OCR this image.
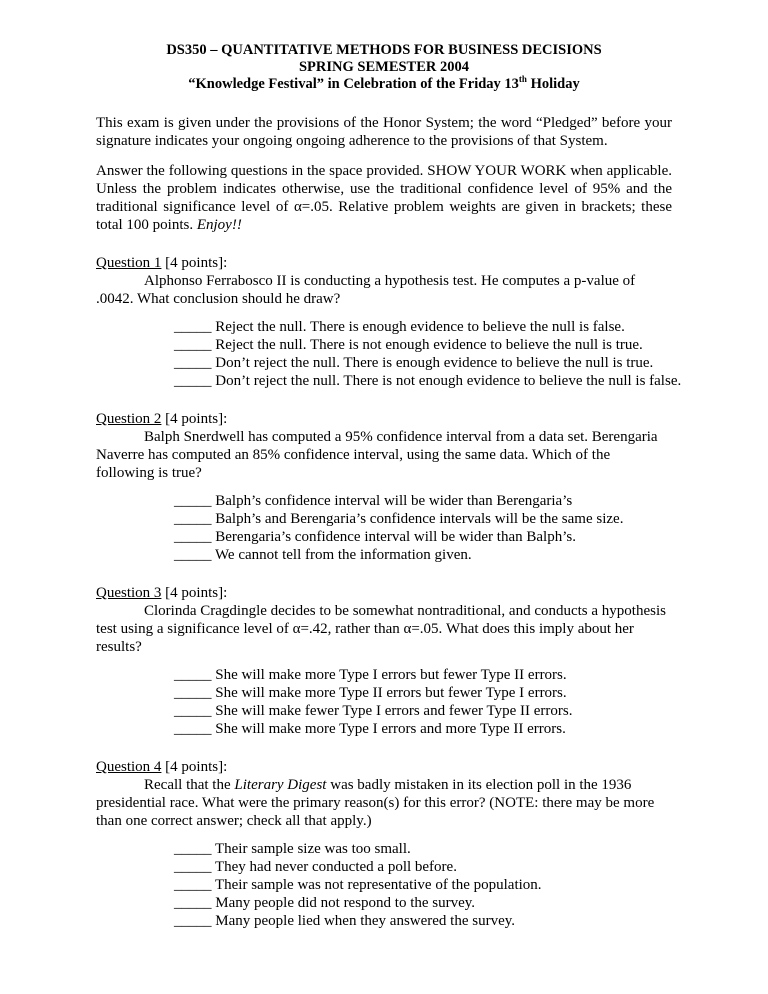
DS350 – QUANTITATIVE METHODS FOR BUSINESS DECISIONS
SPRING SEMESTER 2004
“Knowledge Festival” in Celebration of the Friday 13th Holiday

This exam is given under the provisions of the Honor System; the word “Pledged” before your signature indicates your ongoing ongoing adherence to the provisions of that System.

Answer the following questions in the space provided. SHOW YOUR WORK when applicable. Unless the problem indicates otherwise, use the traditional confidence level of 95% and the traditional significance level of α=.05. Relative problem weights are given in brackets; these total 100 points. Enjoy!!

Question 1 [4 points]:

Alphonso Ferrabosco II is conducting a hypothesis test. He computes a p-value of .0042. What conclusion should he draw?

_____ Reject the null. There is enough evidence to believe the null is false.
_____ Reject the null. There is not enough evidence to believe the null is true.
_____ Don’t reject the null. There is enough evidence to believe the null is true.
_____ Don’t reject the null. There is not enough evidence to believe the null is false.
Question 2 [4 points]:

Balph Snerdwell has computed a 95% confidence interval from a data set. Berengaria Naverre has computed an 85% confidence interval, using the same data. Which of the following is true?

_____ Balph’s confidence interval will be wider than Berengaria’s
_____ Balph’s and Berengaria’s confidence intervals will be the same size.
_____ Berengaria’s confidence interval will be wider than Balph’s.
_____ We cannot tell from the information given.
Question 3 [4 points]:

Clorinda Cragdingle decides to be somewhat nontraditional, and conducts a hypothesis test using a significance level of α=.42, rather than α=.05. What does this imply about her results?

_____ She will make more Type I errors but fewer Type II errors.
_____ She will make more Type II errors but fewer Type I errors.
_____ She will make fewer Type I errors and fewer Type II errors.
_____ She will make more Type I errors and more Type II errors.
Question 4 [4 points]:

Recall that the Literary Digest was badly mistaken in its election poll in the 1936 presidential race. What were the primary reason(s) for this error? (NOTE: there may be more than one correct answer; check all that apply.)

_____ Their sample size was too small.
_____ They had never conducted a poll before.
_____ Their sample was not representative of the population.
_____ Many people did not respond to the survey.
_____ Many people lied when they answered the survey.
